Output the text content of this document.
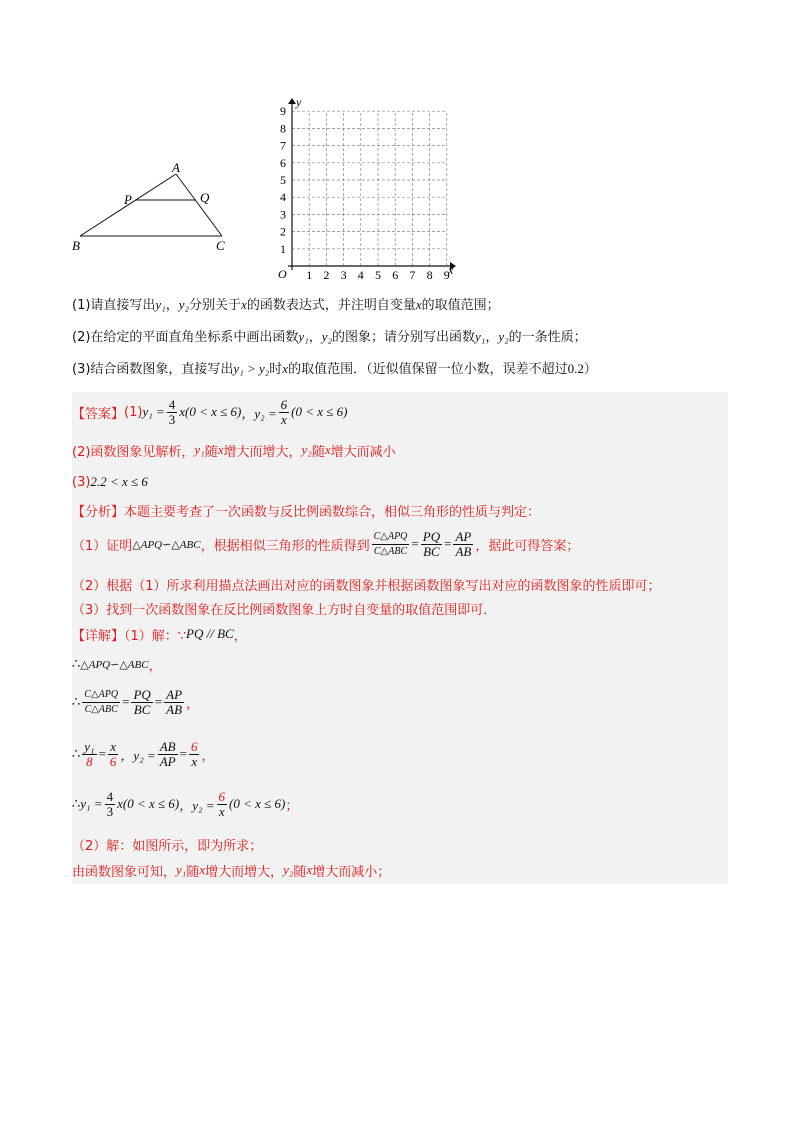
A
P	Q
B	C	1
2
3
4
5
6
7
8
9
1 2 3 4 5 6 7 8 9
O	x
y
(1)请直接写出y₁，y₂分别关于x的函数表达式，并注明自变量x的取值范围；
(2)在给定的平面直角坐标系中画出函数y₁，y₂的图象；请分别写出函数y₁，y₂的一条性质；
(3)结合函数图象，直接写出y₁ > y₂时x的取值范围．（近似值保留一位小数，误差不超过0.2）
【答案】 (1) $y_1 = \frac{4}{3} x(0 < x \le 6)$ ，$y_2 = \frac{6}{x} (0 < x \le 6)$
(2)函数图象见解析， y₁ 随 x 增大而增大， y₂ 随 x 增大而减小
(3) 2.2 < x ≤ 6
【分析】本题主要考查了一次函数与反比例函数综合，相似三角形的性质与判定：
（1）证明 △APQ∽△ABC ，根据相似三角形的性质得到 $\frac{\text{C△APQ}}{\text{C△ABC}} = \frac{PQ}{BC} = \frac{AP}{AB}$ ，据此可得答案；
（2）根据（1）所求利用描点法画出对应的函数图象并根据函数图象写出对应的函数图象的性质即可；
（3）找到一次函数图象在反比例函数图象上方时自变量的取值范围即可．
【详解】（1）解：∵ PQ // BC ，
∴ △APQ∽△ABC ，
∴ $\frac{\text{C△APQ}}{\text{C△ABC}} = \frac{PQ}{BC} = \frac{AP}{AB}$ ，
∴ $\frac{\text{y₁}}{8} = \frac{x}{6}$ ，$y_2 = \frac{AB}{AP} = \frac{6}{x}$ ，
∴ $y_1 = \frac{4}{3} x(0 < x \le 6)$ ，$y_2 = \frac{6}{x} (0 < x \le 6)$ ；
（2）解：如图所示，即为所求；
由函数图象可知， y₁ 随 x 增大而增大， y₂ 随 x 增大而减小；
